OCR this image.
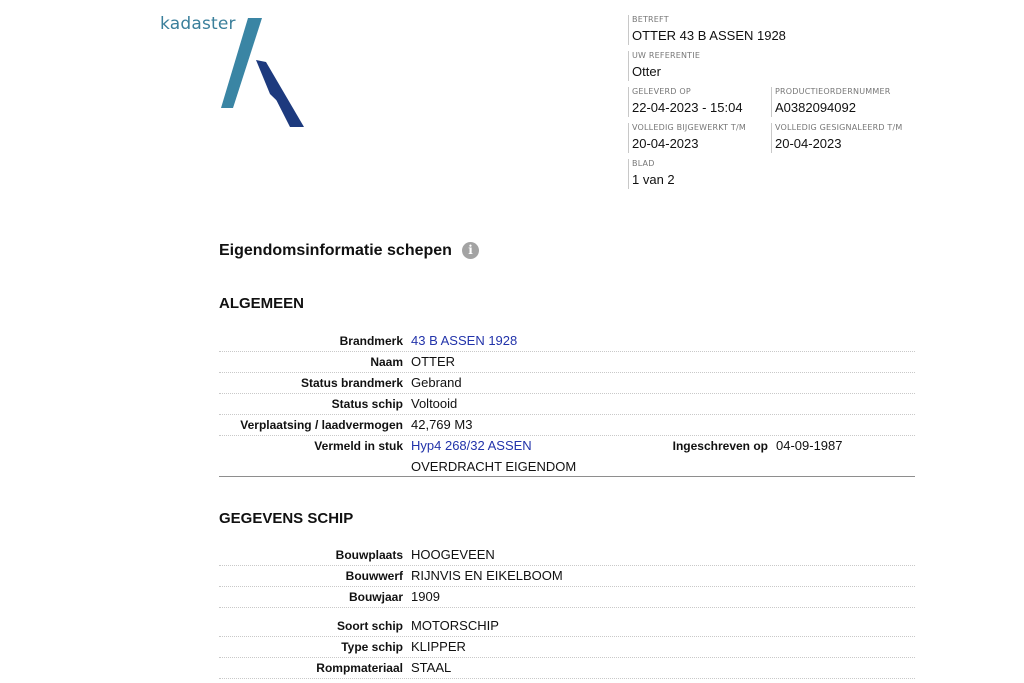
kadaster	BETREFT
OTTER 43 B ASSEN 1928
UW REFERENTIE
Otter
GELEVERD OP
22-04-2023 - 15:04
PRODUCTIEORDERNUMMER
A0382094092
VOLLEDIG BIJGEWERKT T/M
20-04-2023
VOLLEDIG GESIGNALEERD T/M
20-04-2023
BLAD
1 van 2
Eigendomsinformatie schepen	i
ALGEMEEN
Brandmerk 43 B ASSEN 1928
Naam OTTER
Status brandmerk Gebrand
Status schip Voltooid
Verplaatsing / laadvermogen 42,769 M3
Vermeld in stuk Hyp4 268/32 ASSEN	Ingeschreven op 04-09-1987
OVERDRACHT EIGENDOM
GEGEVENS SCHIP
Bouwplaats HOOGEVEEN
Bouwwerf RIJNVIS EN EIKELBOOM
Bouwjaar 1909
Soort schip MOTORSCHIP
Type schip KLIPPER
Rompmateriaal STAAL
